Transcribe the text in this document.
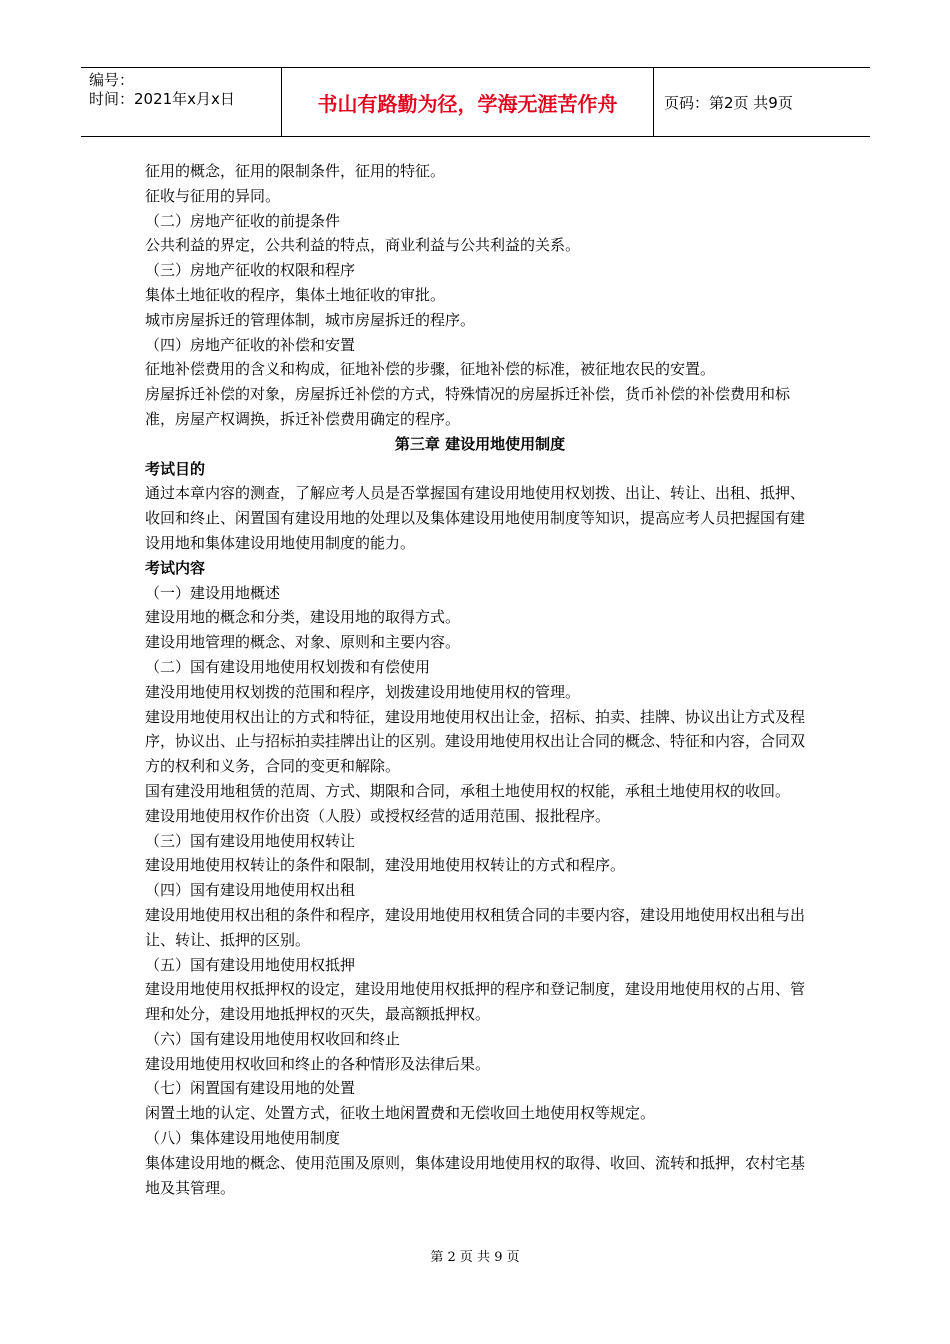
编号：
时间：2021年x月x日	书山有路勤为径，学海无涯苦作舟	页码：第2页 共9页

征用的概念，征用的限制条件，征用的特征。

征收与征用的异同。

（二）房地产征收的前提条件

公共利益的界定，公共利益的特点，商业利益与公共利益的关系。

（三）房地产征收的权限和程序

集体土地征收的程序，集体土地征收的审批。

城市房屋拆迁的管理体制，城市房屋拆迁的程序。

（四）房地产征收的补偿和安置

征地补偿费用的含义和构成，征地补偿的步骤，征地补偿的标准，被征地农民的安置。

房屋拆迁补偿的对象，房屋拆迁补偿的方式，特殊情况的房屋拆迁补偿，货币补偿的补偿费用和标准，房屋产权调换，拆迁补偿费用确定的程序。

第三章 建设用地使用制度

考试目的

通过本章内容的测查，了解应考人员是否掌握国有建设用地使用权划拨、出让、转让、出租、抵押、收回和终止、闲置国有建设用地的处理以及集体建设用地使用制度等知识，提高应考人员把握国有建设用地和集体建设用地使用制度的能力。

考试内容

（一）建设用地概述

建设用地的概念和分类，建设用地的取得方式。

建设用地管理的概念、对象、原则和主要内容。

（二）国有建设用地使用权划拨和有偿使用

建没用地使用权划拨的范围和程序，划拨建设用地使用权的管理。

建设用地使用权出让的方式和特征，建设用地使用权出让金，招标、拍卖、挂牌、协议出让方式及程序，协议出、止与招标拍卖挂牌出让的区别。建设用地使用权出让合同的概念、特征和内容，合同双方的权利和义务，合同的变更和解除。

国有建没用地租赁的范周、方式、期限和合同，承租土地使用权的权能，承租土地使用权的收回。

建设用地使用权作价出资（人股）或授权经营的适用范围、报批程序。

（三）国有建设用地使用权转让

建设用地使用权转让的条件和限制，建没用地使用权转让的方式和程序。

（四）国有建设用地使用权出租

建设用地使用权出租的条件和程序，建设用地使用权租赁合同的丰要内容，建设用地使用权出租与出让、转让、抵押的区别。

（五）国有建设用地使用权抵押

建设用地使用权抵押权的设定，建设用地使用权抵押的程序和登记制度，建设用地使用权的占用、管理和处分，建设用地抵押权的灭失，最高额抵押权。

（六）国有建设用地使用权收回和终止

建设用地使用权收回和终止的各种情形及法律后果。

（七）闲置国有建设用地的处置

闲置土地的认定、处置方式，征收土地闲置费和无偿收回土地使用权等规定。

（八）集体建设用地使用制度

集体建设用地的概念、使用范围及原则，集体建设用地使用权的取得、收回、流转和抵押，农村宅基地及其管理。

第 2 页 共 9 页
